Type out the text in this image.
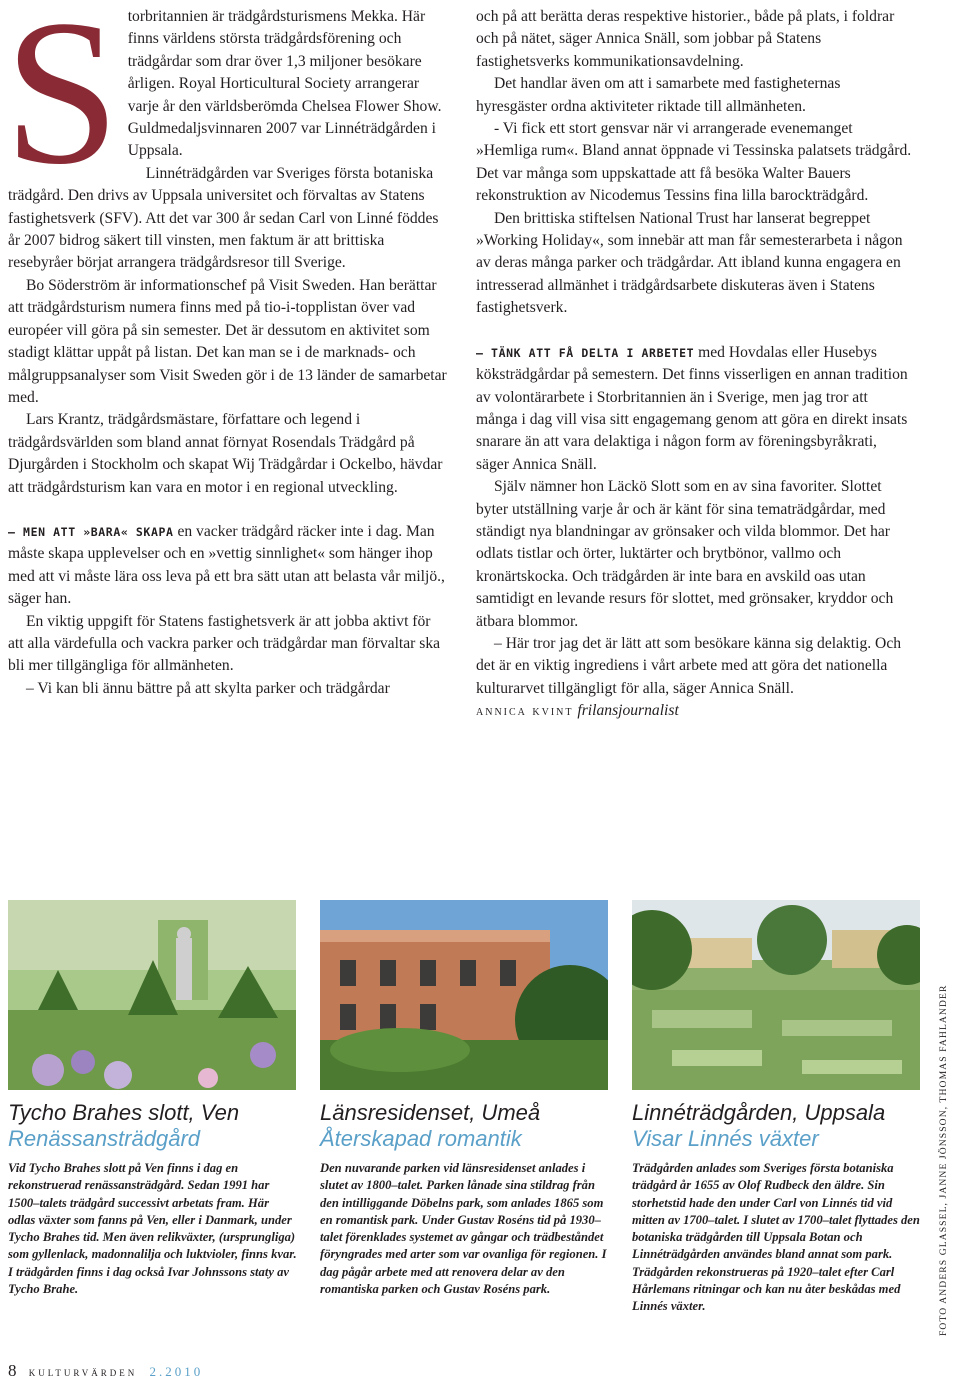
S torbritannien är trädgårdsturismens Mekka. Här finns världens största trädgårdsförening och trädgårdar som drar över 1,3 miljoner besökare årligen. Royal Horticultural Society arrangerar varje år den världsberömda Chelsea Flower Show. Guldmedaljsvinnaren 2007 var Linnéträdgården i Uppsala.

Linnéträdgården var Sveriges första botaniska trädgård. Den drivs av Uppsala universitet och förvaltas av Statens fastighetsverk (SFV). Att det var 300 år sedan Carl von Linné föddes år 2007 bidrog säkert till vinsten, men faktum är att brittiska resebyråer börjat arrangera trädgårdsresor till Sverige.

Bo Söderström är informationschef på Visit Sweden. Han berättar att trädgårdsturism numera finns med på tio-i-topplistan över vad européer vill göra på sin semester. Det är dessutom en aktivitet som stadigt klättar uppåt på listan. Det kan man se i de marknads- och målgruppsanalyser som Visit Sweden gör i de 13 länder de samarbetar med.

Lars Krantz, trädgårdsmästare, författare och legend i trädgårdsvärlden som bland annat förnyat Rosendals Trädgård på Djurgården i Stockholm och skapat Wij Trädgårdar i Ockelbo, hävdar att trädgårdsturism kan vara en motor i en regional utveckling.

– MEN ATT »BARA« SKAPA en vacker trädgård räcker inte i dag. Man måste skapa upplevelser och en »vettig sinnlighet« som hänger ihop med att vi måste lära oss leva på ett bra sätt utan att belasta vår miljö., säger han.

En viktig uppgift för Statens fastighetsverk är att jobba aktivt för att alla värdefulla och vackra parker och trädgårdar man förvaltar ska bli mer tillgängliga för allmänheten.

– Vi kan bli ännu bättre på att skylta parker och trädgårdar

och på att berätta deras respektive historier., både på plats, i foldrar och på nätet, säger Annica Snäll, som jobbar på Statens fastighetsverks kommunikationsavdelning.

Det handlar även om att i samarbete med fastigheternas hyresgäster ordna aktiviteter riktade till allmänheten.

- Vi fick ett stort gensvar när vi arrangerade evenemanget »Hemliga rum«. Bland annat öppnade vi Tessinska palatsets trädgård. Det var många som uppskattade att få besöka Walter Bauers rekonstruktion av Nicodemus Tessins fina lilla barockträdgård.

Den brittiska stiftelsen National Trust har lanserat begreppet »Working Holiday«, som innebär att man får semesterarbeta i någon av deras många parker och trädgårdar. Att ibland kunna engagera en intresserad allmänhet i trädgårdsarbete diskuteras även i Statens fastighetsverk.

– TÄNK ATT FÅ DELTA I ARBETET med Hovdalas eller Husebys köksträdgårdar på semestern. Det finns visserligen en annan tradition av volontärarbete i Storbritannien än i Sverige, men jag tror att många i dag vill visa sitt engagemang genom att göra en direkt insats snarare än att vara delaktiga i någon form av föreningsbyråkrati, säger Annica Snäll.

Själv nämner hon Läckö Slott som en av sina favoriter. Slottet byter utställning varje år och är känt för sina tematrädgårdar, med ständigt nya blandningar av grönsaker och vilda blommor. Det har odlats tistlar och örter, luktärter och brytbönor, vallmo och kronärtskocka. Och trädgården är inte bara en avskild oas utan samtidigt en levande resurs för slottet, med grönsaker, kryddor och ätbara blommor.

– Här tror jag det är lätt att som besökare känna sig delaktig. Och det är en viktig ingrediens i vårt arbete med att göra det nationella kulturarvet tillgängligt för alla, säger Annica Snäll.

annica kvint frilansjournalist

Tycho Brahes slott, Ven
Renässansträdgård
Vid Tycho Brahes slott på Ven finns i dag en rekonstruerad renässansträdgård. Sedan 1991 har 1500–talets trädgård successivt arbetats fram. Här odlas växter som fanns på Ven, eller i Danmark, under Tycho Brahes tid. Men även relikväxter, (ursprungliga) som gyllenlack, madonnalilja och luktvioler, finns kvar. I trädgården finns i dag också Ivar Johnssons staty av Tycho Brahe.
Länsresidenset, Umeå
Återskapad romantik
Den nuvarande parken vid länsresidenset anlades i slutet av 1800–talet. Parken lånade sina stildrag från den intilliggande Döbelns park, som anlades 1865 som en romantisk park. Under Gustav Roséns tid på 1930–talet förenklades systemet av gångar och trädbeståndet föryngrades med arter som var ovanliga för regionen. I dag pågår arbete med att renovera delar av den romantiska parken och Gustav Roséns park.
Linnéträdgården, Uppsala
Visar Linnés växter
Trädgården anlades som Sveriges första botaniska trädgård år 1655 av Olof Rudbeck den äldre. Sin storhetstid hade den under Carl von Linnés tid vid mitten av 1700–talet. I slutet av 1700–talet flyttades den botaniska trädgården till Uppsala Botan och Linnéträdgården användes bland annat som park. Trädgården rekonstrueras på 1920–talet efter Carl Hårlemans ritningar och kan nu åter beskådas med Linnés växter.	FOTO ANDERS GLASSEL, JANNE JÖNSSON, THOMAS FAHLANDER
8 kulturvärden 2.2010
